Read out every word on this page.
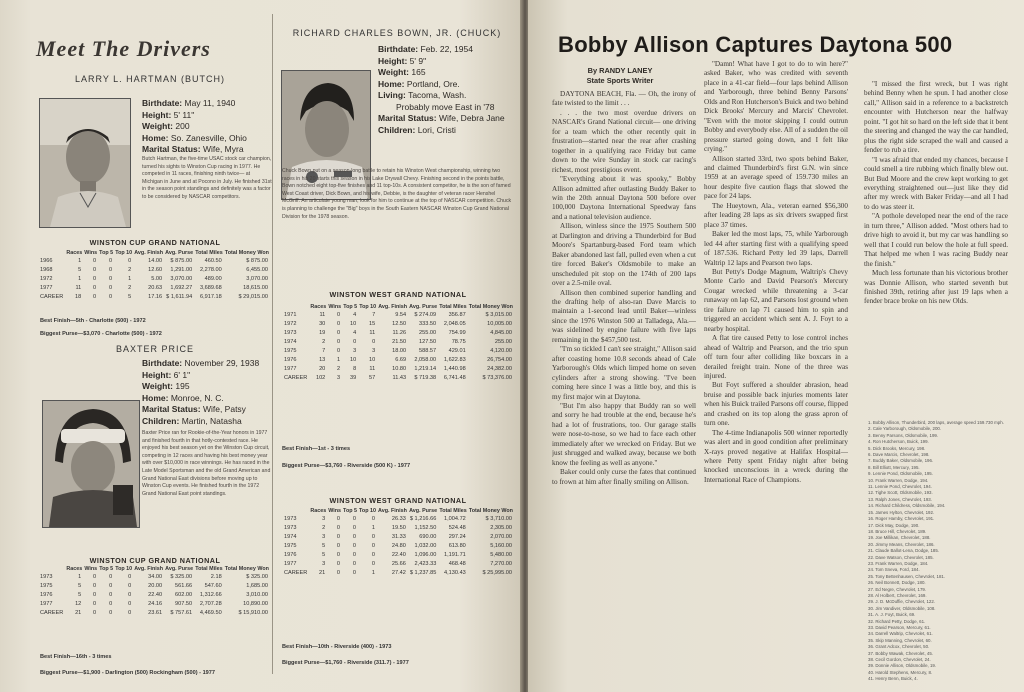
Meet The Drivers
LARRY L. HARTMAN (BUTCH)
Birthdate: May 11, 1940
Height: 5' 11"
Weight: 200
Home: So. Zanesville, Ohio
Marital Status: Wife, Myra
Butch Hartman, the five-time USAC stock car champion, turned his sights to Winston Cup racing in 1977. He competed in 11 races, finishing ninth twice— at Michigan in June and at Pocono in July. He finished 31st in the season point standings and definitely was a factor to be considered by NASCAR competitors.
WINSTON CUP GRAND NATIONAL
	Races	Wins	Top 5	Top 10	Avg. Finish	Avg. Purse	Total Miles	Total Money Won
1966	1	0	0	0	14.00	$ 875.00	460.50	$ 875.00
1968	5	0	0	2	12.60	1,291.00	2,278.00	6,455.00
1972	1	0	0	1	5.00	3,070.00	489.00	3,070.00
1977	11	0	0	2	20.63	1,692.27	3,689.68	18,615.00
CAREER	18	0	0	5	17.16	$ 1,611.94	6,917.18	$ 29,015.00
Best Finish—5th - Charlotte (500) - 1972
Biggest Purse—$3,070 - Charlotte (500) - 1972
BAXTER PRICE
Birthdate: November 29, 1938
Height: 6' 1"
Weight: 195
Home: Monroe, N. C.
Marital Status: Wife, Patsy
Children: Martin, Natasha
Baxter Price ran for Rookie-of-the-Year honors in 1977 and finished fourth in that hotly-contested race. He enjoyed his best season yet on the Winston Cup circuit, competing in 12 races and having his best money year with over $10,000 in race winnings. He has raced in the Late Model Sportsman and the old Grand American and Grand National East divisions before moving up to Winston Cup events. He finished fourth in the 1972 Grand National East point standings.
WINSTON CUP GRAND NATIONAL
	Races	Wins	Top 5	Top 10	Avg. Finish	Avg. Purse	Total Miles	Total Money Won
1973	1	0	0	0	34.00	$ 325.00	2.18	$ 325.00
1975	5	0	0	0	20.00	561.66	547.60	1,685.00
1976	5	0	0	0	22.40	602.00	1,312.66	3,010.00
1977	12	0	0	0	24.16	907.50	2,707.28	10,890.00
CAREER	21	0	0	0	23.61	$ 757.61	4,469.50	$ 15,910.00
Best Finish—16th - 3 times
Biggest Purse—$1,900 - Darlington (500) Rockingham (500) - 1977
RICHARD CHARLES BOWN, JR. (CHUCK)
Birthdate: Feb. 22, 1954
Height: 5' 9"
Weight: 165
Home: Portland, Ore.
Living: Tacoma, Wash.
Probably move East in '78
Marital Status: Wife, Debra Jane
Children: Lori, Cristi
Chuck Bown put on a season-long battle to retain his Winston West championship, winning two races in his 20 starts this season in his Lake Drywall Chevy. Finishing second in the points battle, Bown notched eight top-five finishes and 11 top-10s. A consistent competitor, he is the son of famed West Coast driver, Dick Bown, and his wife, Debbie, is the daughter of veteran racer Henshel McGriff. An articulate young man, look for him to continue at the top of NASCAR competition. Chuck is planning to challenge the "Big" boys in the South Eastern NASCAR Winston Cup Grand National Division for the 1978 season.
WINSTON WEST GRAND NATIONAL
	Races	Wins	Top 5	Top 10	Avg. Finish	Avg. Purse	Total Miles	Total Money Won
1971	11	0	4	7	9.54	$ 274.09	356.87	$ 3,015.00
1972	30	0	10	15	12.50	333.50	2,048.05	10,005.00
1973	19	0	4	11	11.26	255.00	754.99	4,845.00
1974	2	0	0	0	21.50	127.50	78.75	255.00
1975	7	0	3	3	18.00	588.57	429.01	4,120.00
1976	13	1	10	10	6.69	2,058.00	1,622.83	26,754.00
1977	20	2	8	11	10.80	1,219.14	1,440.98	24,382.00
CAREER	102	3	39	57	11.43	$ 719.38	6,741.48	$ 73,376.00
Best Finish—1st - 3 times
Biggest Purse—$3,760 - Riverside (500 K) - 1977
WINSTON WEST GRAND NATIONAL
	Races	Wins	Top 5	Top 10	Avg. Finish	Avg. Purse	Total Miles	Total Money Won
1973	3	0	0	0	26.33	$ 1,216.66	1,004.72	$ 3,710.00
1973	2	0	0	1	19.50	1,152.50	524.48	2,305.00
1974	3	0	0	0	31.33	690.00	297.24	2,070.00
1975	5	0	0	0	24.80	1,032.00	613.80	5,160.00
1976	5	0	0	0	22.40	1,096.00	1,191.71	5,480.00
1977	3	0	0	0	25.66	2,423.33	468.48	7,270.00
CAREER	21	0	0	1	27.42	$ 1,237.85	4,130.43	$ 25,995.00
Best Finish—10th - Riverside (400) - 1973
Biggest Purse—$1,760 - Riverside (311.7) - 1977
Bobby Allison Captures Daytona 500
By RANDY LANEY
State Sports Writer

DAYTONA BEACH, Fla. — Oh, the irony of fate twisted to the limit . . .

. . . the two most overdue drivers on NASCAR's Grand National circuit— one driving for a team which the other recently quit in frustration—started near the rear after crashing together in a qualifying race Friday but came down to the wire Sunday in stock car racing's richest, most prestigious event.

"Everything about it was spooky," Bobby Allison admitted after outlasting Buddy Baker to win the 20th annual Daytona 500 before over 100,000 Daytona International Speedway fans and a national television audience.

Allison, winless since the 1975 Southern 500 at Darlington and driving a Thunderbird for Bud Moore's Spartanburg-based Ford team which Baker abandoned last fall, pulled even when a cut tire forced Baker's Oldsmobile to make an unscheduled pit stop on the 174th of 200 laps over a 2.5-mile oval.

Allison then combined superior handling and the drafting help of also-ran Dave Marcis to maintain a 1-second lead until Baker—winless since the 1976 Winston 500 at Talladega, Ala.—was sidelined by engine failure with five laps remaining in the $457,500 test.

"I'm so tickled I can't see straight," Allison said after coasting home 10.8 seconds ahead of Cale Yarborough's Olds which limped home on seven cylinders after a strong showing. "I've been coming here since I was a little boy, and this is my first major win at Daytona.

"But I'm also happy that Buddy ran so well and sorry he had trouble at the end, because he's had a lot of frustrations, too. Our garage stalls were nose-to-nose, so we had to face each other immediately after we wrecked on Friday. But we just shrugged and walked away, because we both know the feeling as well as anyone."

Baker could only curse the fates that continued to frown at him after finally smiling on Allison.

"Damn! What have I got to do to win here?" asked Baker, who was credited with seventh place in a 41-car field—four laps behind Allison and Yarborough, three behind Benny Parsons' Olds and Ron Hutcherson's Buick and two behind Dick Brooks' Mercury and Marcis' Chevrolet. "Even with the motor skipping I could outrun Bobby and everybody else. All of a sudden the oil pressure started going down, and I felt like crying."

Allison started 33rd, two spots behind Baker, and claimed Thunderbird's first G.N. win since 1959 at an average speed of 159.730 miles an hour despite five caution flags that slowed the pace for 24 laps.

The Hueytown, Ala., veteran earned $56,300 after leading 28 laps as six drivers swapped first place 37 times.

Baker led the most laps, 75, while Yarborough led 44 after starting first with a qualifying speed of 187.536. Richard Petty led 39 laps, Darrell Waltrip 12 laps and Pearson two laps.

But Petty's Dodge Magnum, Waltrip's Chevy Monte Carlo and David Pearson's Mercury Cougar wrecked while threatening a 3-car runaway on lap 62, and Parsons lost ground when tire failure on lap 71 caused him to spin and triggered an accident which sent A. J. Foyt to a nearby hospital.

A flat tire caused Petty to lose control inches ahead of Waltrip and Pearson, and the trio spun off turn four after colliding like boxcars in a derailed freight train. None of the three was injured.

But Foyt suffered a shoulder abrasion, head bruise and possible back injuries moments later when his Buick trailed Parsons off course, flipped and crashed on its top along the grass apron of turn one.

The 4-time Indianapolis 500 winner reportedly was alert and in good condition after preliminary X-rays proved negative at Halifax Hospital—where Petty spent Friday night after being knocked unconscious in a wreck during the International Race of Champions.

"I missed the first wreck, but I was right behind Benny when he spun. I had another close call," Allison said in a reference to a backstretch encounter with Hutcherson near the halfway point. "I got hit so hard on the left side that it bent the steering and changed the way the car handled, plus the right side scraped the wall and caused a fender to rub a tire.

"I was afraid that ended my chances, because I could smell a tire rubbing which finally blew out. But Bud Moore and the crew kept working to get everything straightened out—just like they did after my wreck with Baker Friday—and all I had to do was steer it.

"A pothole developed near the end of the race in turn three," Allison added. "Most others had to drive high to avoid it, but my car was handling so well that I could run below the hole at full speed. That helped me when I was racing Buddy near the finish."

Much less fortunate than his victorious brother was Donnie Allison, who started seventh but finished 39th, retiring after just 19 laps when a fender brace broke on his new Olds.

1. Bobby Allison, Thunderbird, 200 laps, average speed 159.730 mph.
2. Cale Yarborough, Oldsmobile, 200.
3. Benny Parsons, Oldsmobile, 199.
4. Ron Hutcherson, Buick, 199.
5. Dick Brooks, Mercury, 198.
6. Dave Marcis, Chevrolet, 198.
7. Buddy Baker, Oldsmobile, 196.
8. Bill Elliott, Mercury, 195.
9. Lennie Pond, Oldsmobile, 195.
10. Frank Warren, Dodge, 194.
11. Lennie Pond, Chevrolet, 194.
12. Tighe Scott, Oldsmobile, 193.
13. Ralph Jones, Chevrolet, 193.
14. Richard Childress, Oldsmobile, 194.
15. James Hylton, Chevrolet, 192.
16. Roger Hamby, Chevrolet, 191.
17. Dick May, Dodge, 190.
18. Bruce Hill, Chevrolet, 189.
19. Joe Millikan, Chevrolet, 188.
20. Jimmy Means, Chevrolet, 186.
21. Claude Ballot-Lena, Dodge, 185.
22. Dave Watson, Chevrolet, 185.
23. Frank Warren, Dodge, 184.
24. Tom Sneva, Ford, 184.
25. Tony Bettenhausen, Chevrolet, 181.
26. Neil Bonnett, Dodge, 180.
27. Ed Negre, Chevrolet, 179.
28. Al Holbert, Chevrolet, 169.
29. J. D. McDuffie, Chevrolet, 122.
30. Jim Vandiver, Oldsmobile, 108.
31. A. J. Foyt, Buick, 69.
32. Richard Petty, Dodge, 61.
33. David Pearson, Mercury, 61.
34. Darrell Waltrip, Chevrolet, 61.
35. Skip Manning, Chevrolet, 60.
36. Grant Adcox, Chevrolet, 50.
37. Bobby Wawak, Chevrolet, 45.
38. Cecil Gordon, Chevrolet, 24.
39. Donnie Allison, Oldsmobile, 19.
40. Harold Stephens, Mercury, 8.
41. Henry Benn, Buick, 4.
